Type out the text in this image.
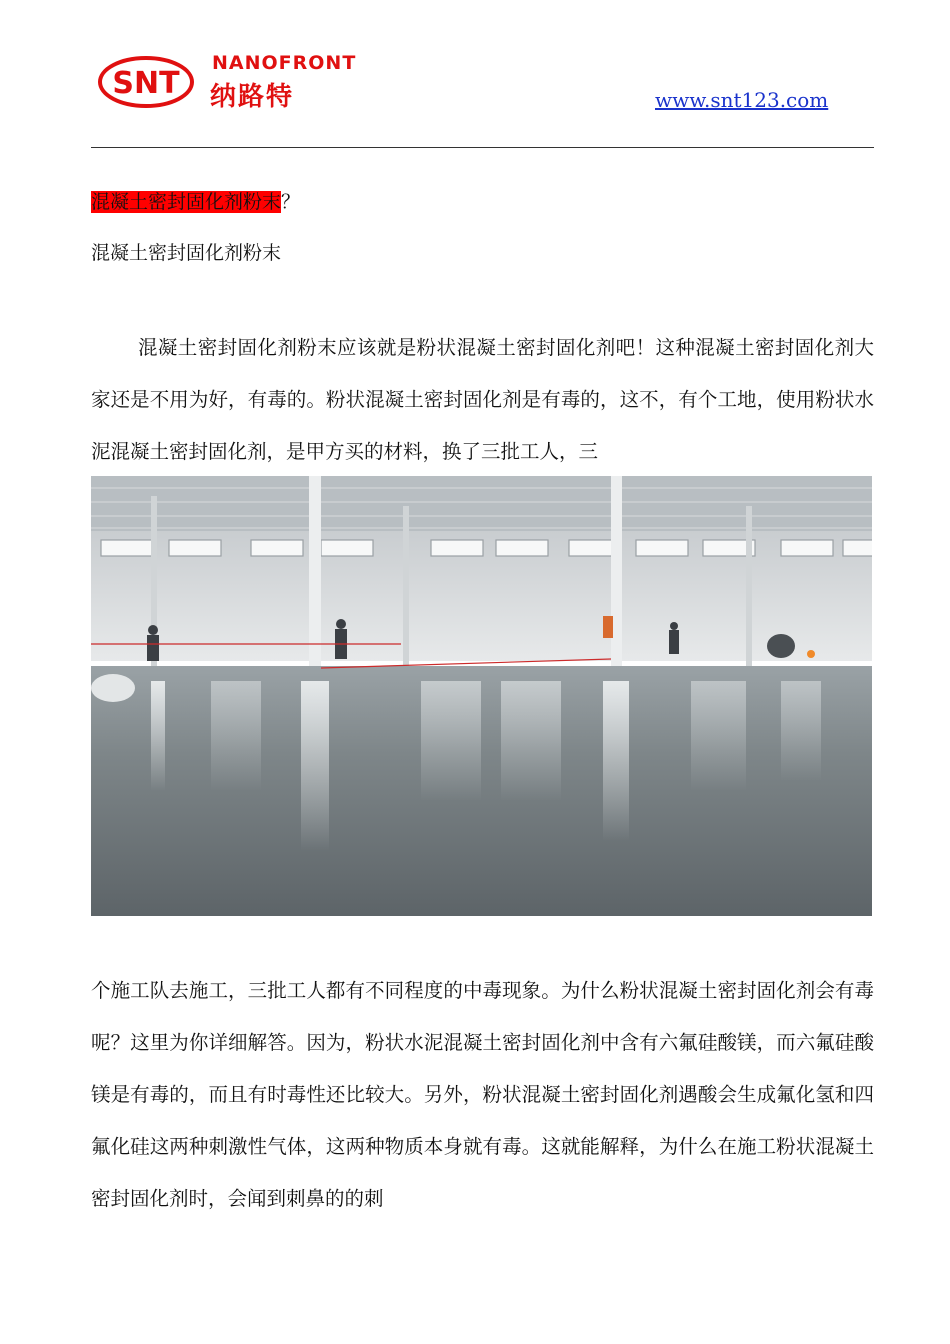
SNT
NANOFRONT
纳路特	www.snt123.com
混凝土密封固化剂粉末？
混凝土密封固化剂粉末
混凝土密封固化剂粉末应该就是粉状混凝土密封固化剂吧！这种混凝土密封固化剂大家还是不用为好，有毒的。粉状混凝土密封固化剂是有毒的，这不，有个工地，使用粉状水泥混凝土密封固化剂，是甲方买的材料，换了三批工人，三
个施工队去施工，三批工人都有不同程度的中毒现象。为什么粉状混凝土密封固化剂会有毒呢？这里为你详细解答。因为，粉状水泥混凝土密封固化剂中含有六氟硅酸镁，而六氟硅酸镁是有毒的，而且有时毒性还比较大。另外，粉状混凝土密封固化剂遇酸会生成氟化氢和四氟化硅这两种刺激性气体，这两种物质本身就有毒。这就能解释，为什么在施工粉状混凝土密封固化剂时，会闻到刺鼻的的刺
